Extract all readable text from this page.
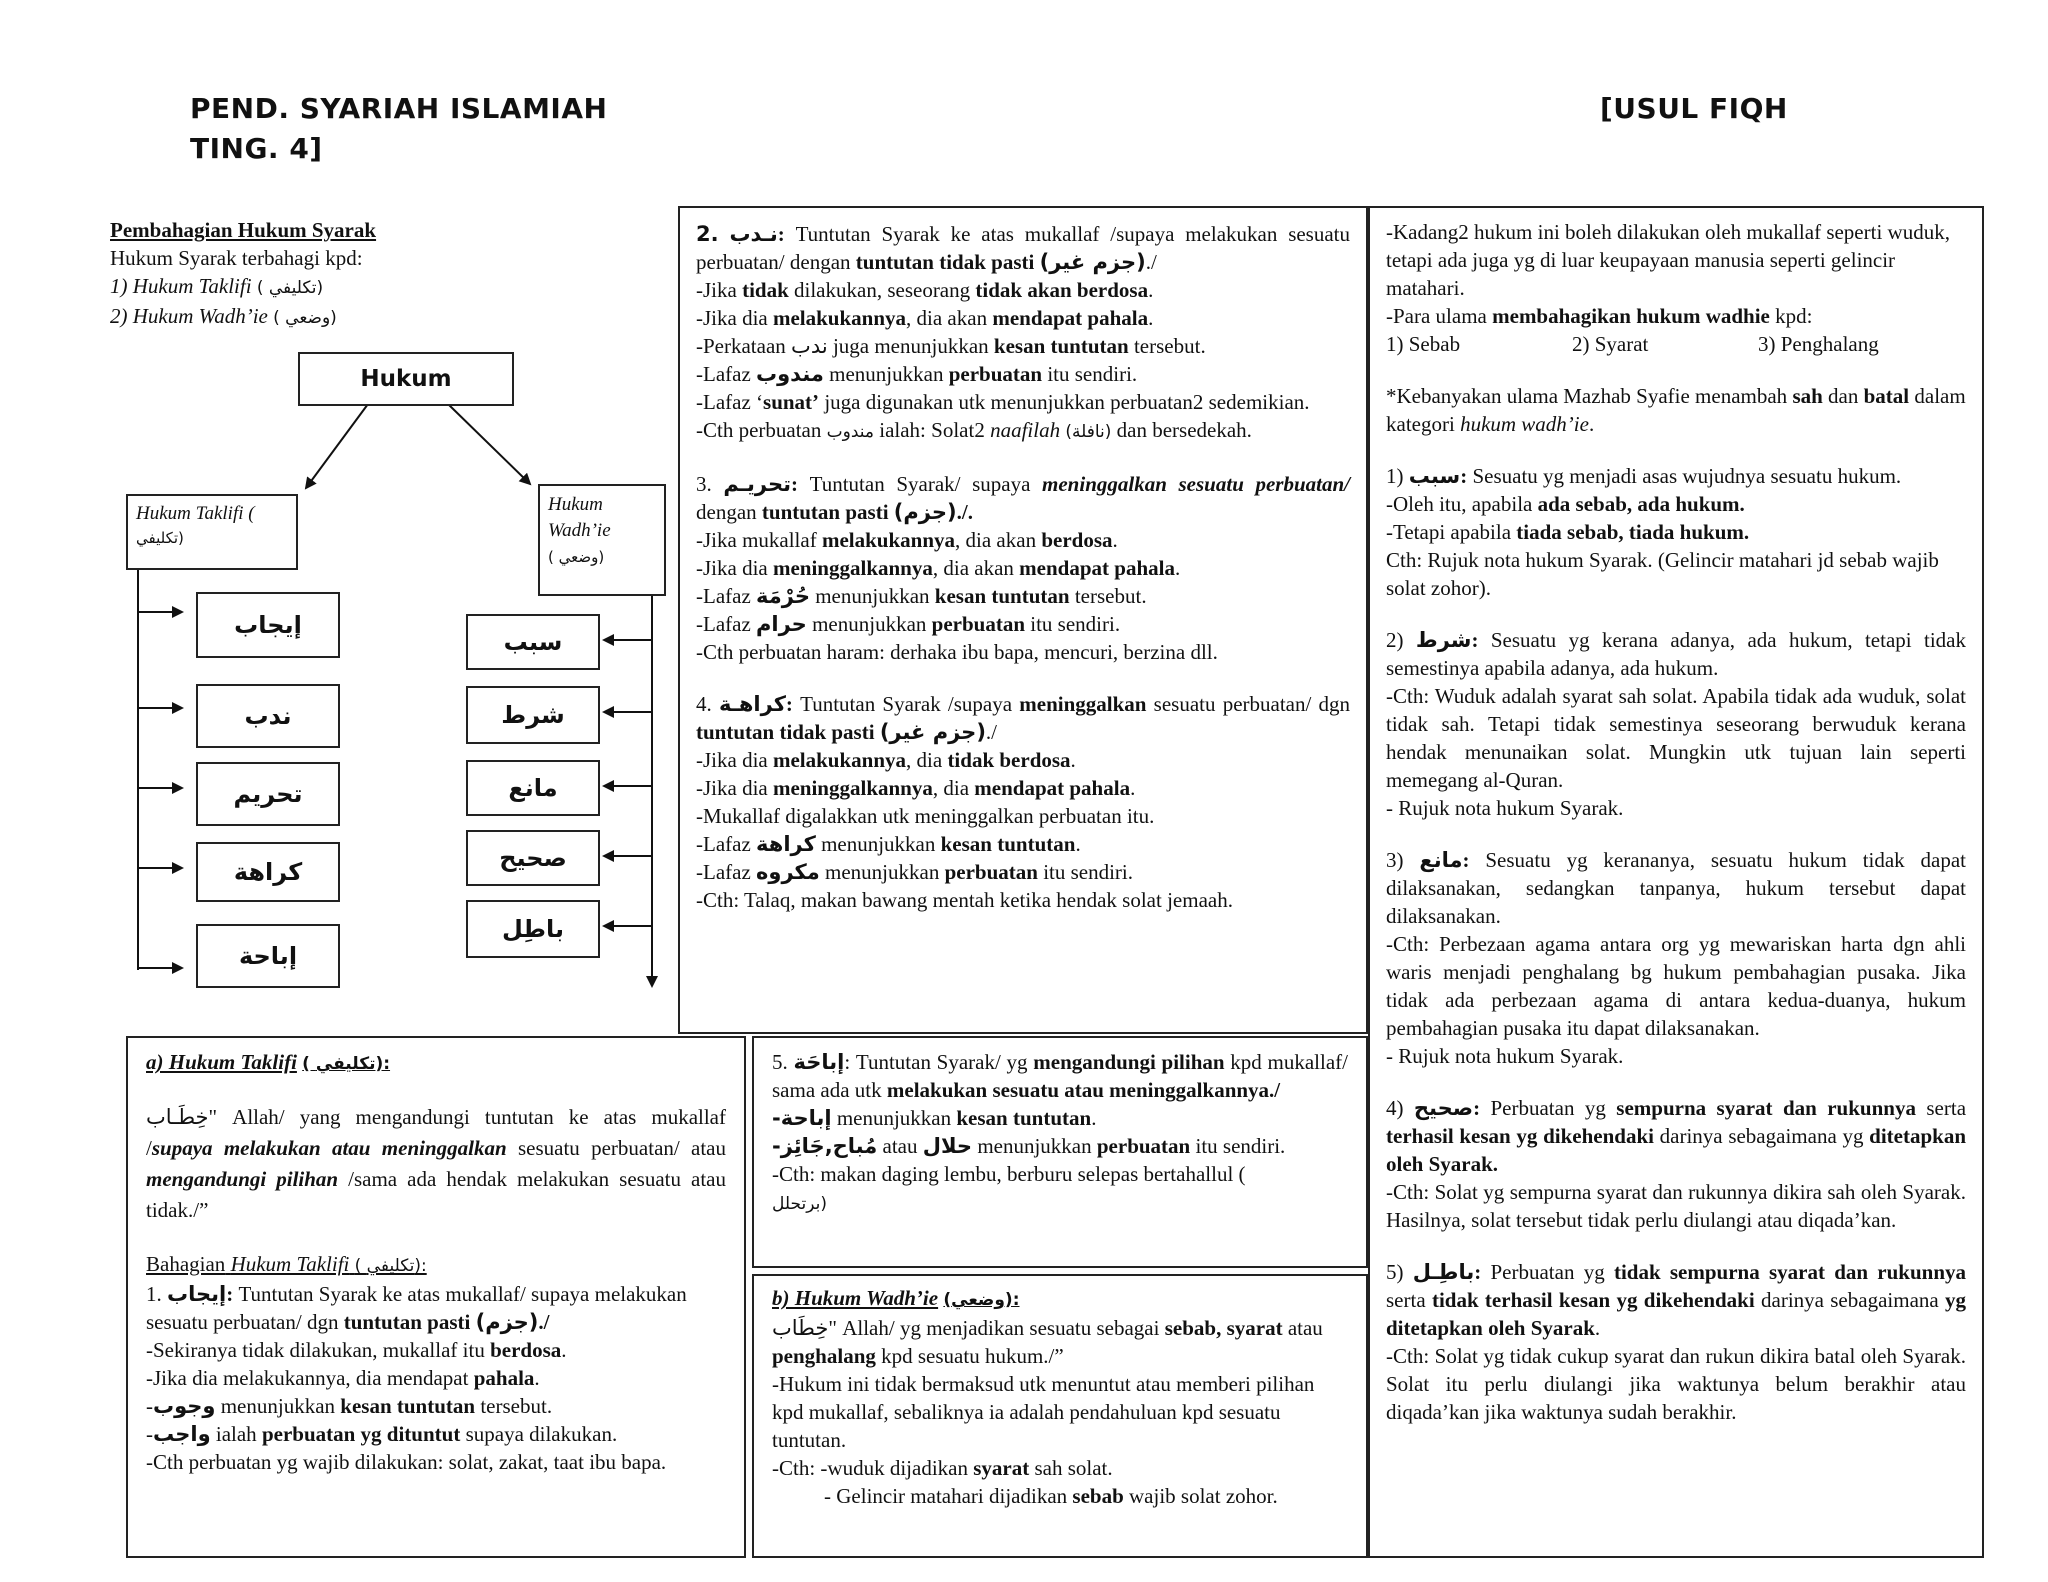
PEND. SYARIAH ISLAMIAH	[USUL FIQH
TING. 4]

Pembahagian Hukum Syarak

Hukum Syarak terbahagi kpd:

1) Hukum Taklifi ( تكليفي)

2) Hukum Wadh’ie ( وضعي)

Hukum
Hukum Taklifi (
تكليفي)
Hukum Wadh’ie
( وضعي)
إيجاب
ندب
تحريم
كراهة
إباحة
سبب
شرط
مانع
صحيح
باطِل

2. نـدب: Tuntutan Syarak ke atas mukallaf /supaya melakukan sesuatu perbuatan/ dengan tuntutan tidak pasti (جزم غير)./

-Jika tidak dilakukan, seseorang tidak akan berdosa.

-Jika dia melakukannya, dia akan mendapat pahala.

-Perkataan ندب juga menunjukkan kesan tuntutan tersebut.

-Lafaz مندوب menunjukkan perbuatan itu sendiri.

-Lafaz ‘sunat’ juga digunakan utk menunjukkan perbuatan2 sedemikian.

-Cth perbuatan مندوب ialah: Solat2 naafilah (نافلة) dan bersedekah.

3. تحريـم: Tuntutan Syarak/ supaya meninggalkan sesuatu perbuatan/ dengan tuntutan pasti (جزم)./.

-Jika mukallaf melakukannya, dia akan berdosa.

-Jika dia meninggalkannya, dia akan mendapat pahala.

-Lafaz حُرْمَة menunjukkan kesan tuntutan tersebut.

-Lafaz حرام menunjukkan perbuatan itu sendiri.

-Cth perbuatan haram: derhaka ibu bapa, mencuri, berzina dll.

4. كراهـة: Tuntutan Syarak /supaya meninggalkan sesuatu perbuatan/ dgn tuntutan tidak pasti (جزم غير)./

-Jika dia melakukannya, dia tidak berdosa.

-Jika dia meninggalkannya, dia mendapat pahala.

-Mukallaf digalakkan utk meninggalkan perbuatan itu.

-Lafaz كراهة menunjukkan kesan tuntutan.

-Lafaz مكروه menunjukkan perbuatan itu sendiri.

-Cth: Talaq, makan bawang mentah ketika hendak solat jemaah.

-Kadang2 hukum ini boleh dilakukan oleh mukallaf seperti wuduk, tetapi ada juga yg di luar keupayaan manusia seperti gelincir matahari.

-Para ulama membahagikan hukum wadhie kpd:

1) Sebab	2) Syarat	3) Penghalang

*Kebanyakan ulama Mazhab Syafie menambah sah dan batal dalam kategori hukum wadh’ie.

1) سبب: Sesuatu yg menjadi asas wujudnya sesuatu hukum.

-Oleh itu, apabila ada sebab, ada hukum.

-Tetapi apabila tiada sebab, tiada hukum.

Cth: Rujuk nota hukum Syarak. (Gelincir matahari jd sebab wajib solat zohor).

2) شرط: Sesuatu yg kerana adanya, ada hukum, tetapi tidak semestinya apabila adanya, ada hukum.

-Cth: Wuduk adalah syarat sah solat. Apabila tidak ada wuduk, solat tidak sah. Tetapi tidak semestinya seseorang berwuduk kerana hendak menunaikan solat. Mungkin utk tujuan lain seperti memegang al-Quran.

- Rujuk nota hukum Syarak.

3) مانع: Sesuatu yg kerananya, sesuatu hukum tidak dapat dilaksanakan, sedangkan tanpanya, hukum tersebut dapat dilaksanakan.

-Cth: Perbezaan agama antara org yg mewariskan harta dgn ahli waris menjadi penghalang bg hukum pembahagian pusaka. Jika tidak ada perbezaan agama di antara kedua-duanya, hukum pembahagian pusaka itu dapat dilaksanakan.

- Rujuk nota hukum Syarak.

4) صحيح: Perbuatan yg sempurna syarat dan rukunnya serta terhasil kesan yg dikehendaki darinya sebagaimana yg ditetapkan oleh Syarak.

-Cth: Solat yg sempurna syarat dan rukunnya dikira sah oleh Syarak. Hasilnya, solat tersebut tidak perlu diulangi atau diqada’kan.

5) باطِـل: Perbuatan yg tidak sempurna syarat dan rukunnya serta tidak terhasil kesan yg dikehendaki darinya sebagaimana yg ditetapkan oleh Syarak.

-Cth: Solat yg tidak cukup syarat dan rukun dikira batal oleh Syarak. Solat itu perlu diulangi jika waktunya belum berakhir atau diqada’kan jika waktunya sudah berakhir.

a) Hukum Taklifi ( تكليفي):

خِطَـاب" Allah/ yang mengandungi tuntutan ke atas mukallaf /supaya melakukan atau meninggalkan sesuatu perbuatan/ atau mengandungi pilihan /sama ada hendak melakukan sesuatu atau tidak./”

Bahagian Hukum Taklifi ( تكليفي):

1. إيجاب: Tuntutan Syarak ke atas mukallaf/ supaya melakukan sesuatu perbuatan/ dgn tuntutan pasti (جزم)./

-Sekiranya tidak dilakukan, mukallaf itu berdosa.

-Jika dia melakukannya, dia mendapat pahala.

-وجوب menunjukkan kesan tuntutan tersebut.

-واجب ialah perbuatan yg dituntut supaya dilakukan.

-Cth perbuatan yg wajib dilakukan: solat, zakat, taat ibu bapa.

5. إباحَة: Tuntutan Syarak/ yg mengandungi pilihan kpd mukallaf/ sama ada utk melakukan sesuatu atau meninggalkannya./

-إباحة menunjukkan kesan tuntutan.

-مُباح,جَائِز atau حلال menunjukkan perbuatan itu sendiri.

-Cth: makan daging lembu, berburu selepas bertahallul (
برتحلل)

b) Hukum Wadh’ie (وضعي):

خِطَاب" Allah/ yg menjadikan sesuatu sebagai sebab, syarat atau penghalang kpd sesuatu hukum./”

-Hukum ini tidak bermaksud utk menuntut atau memberi pilihan kpd mukallaf, sebaliknya ia adalah pendahuluan kpd sesuatu tuntutan.

-Cth: -wuduk dijadikan syarat sah solat.

- Gelincir matahari dijadikan sebab wajib solat zohor.
